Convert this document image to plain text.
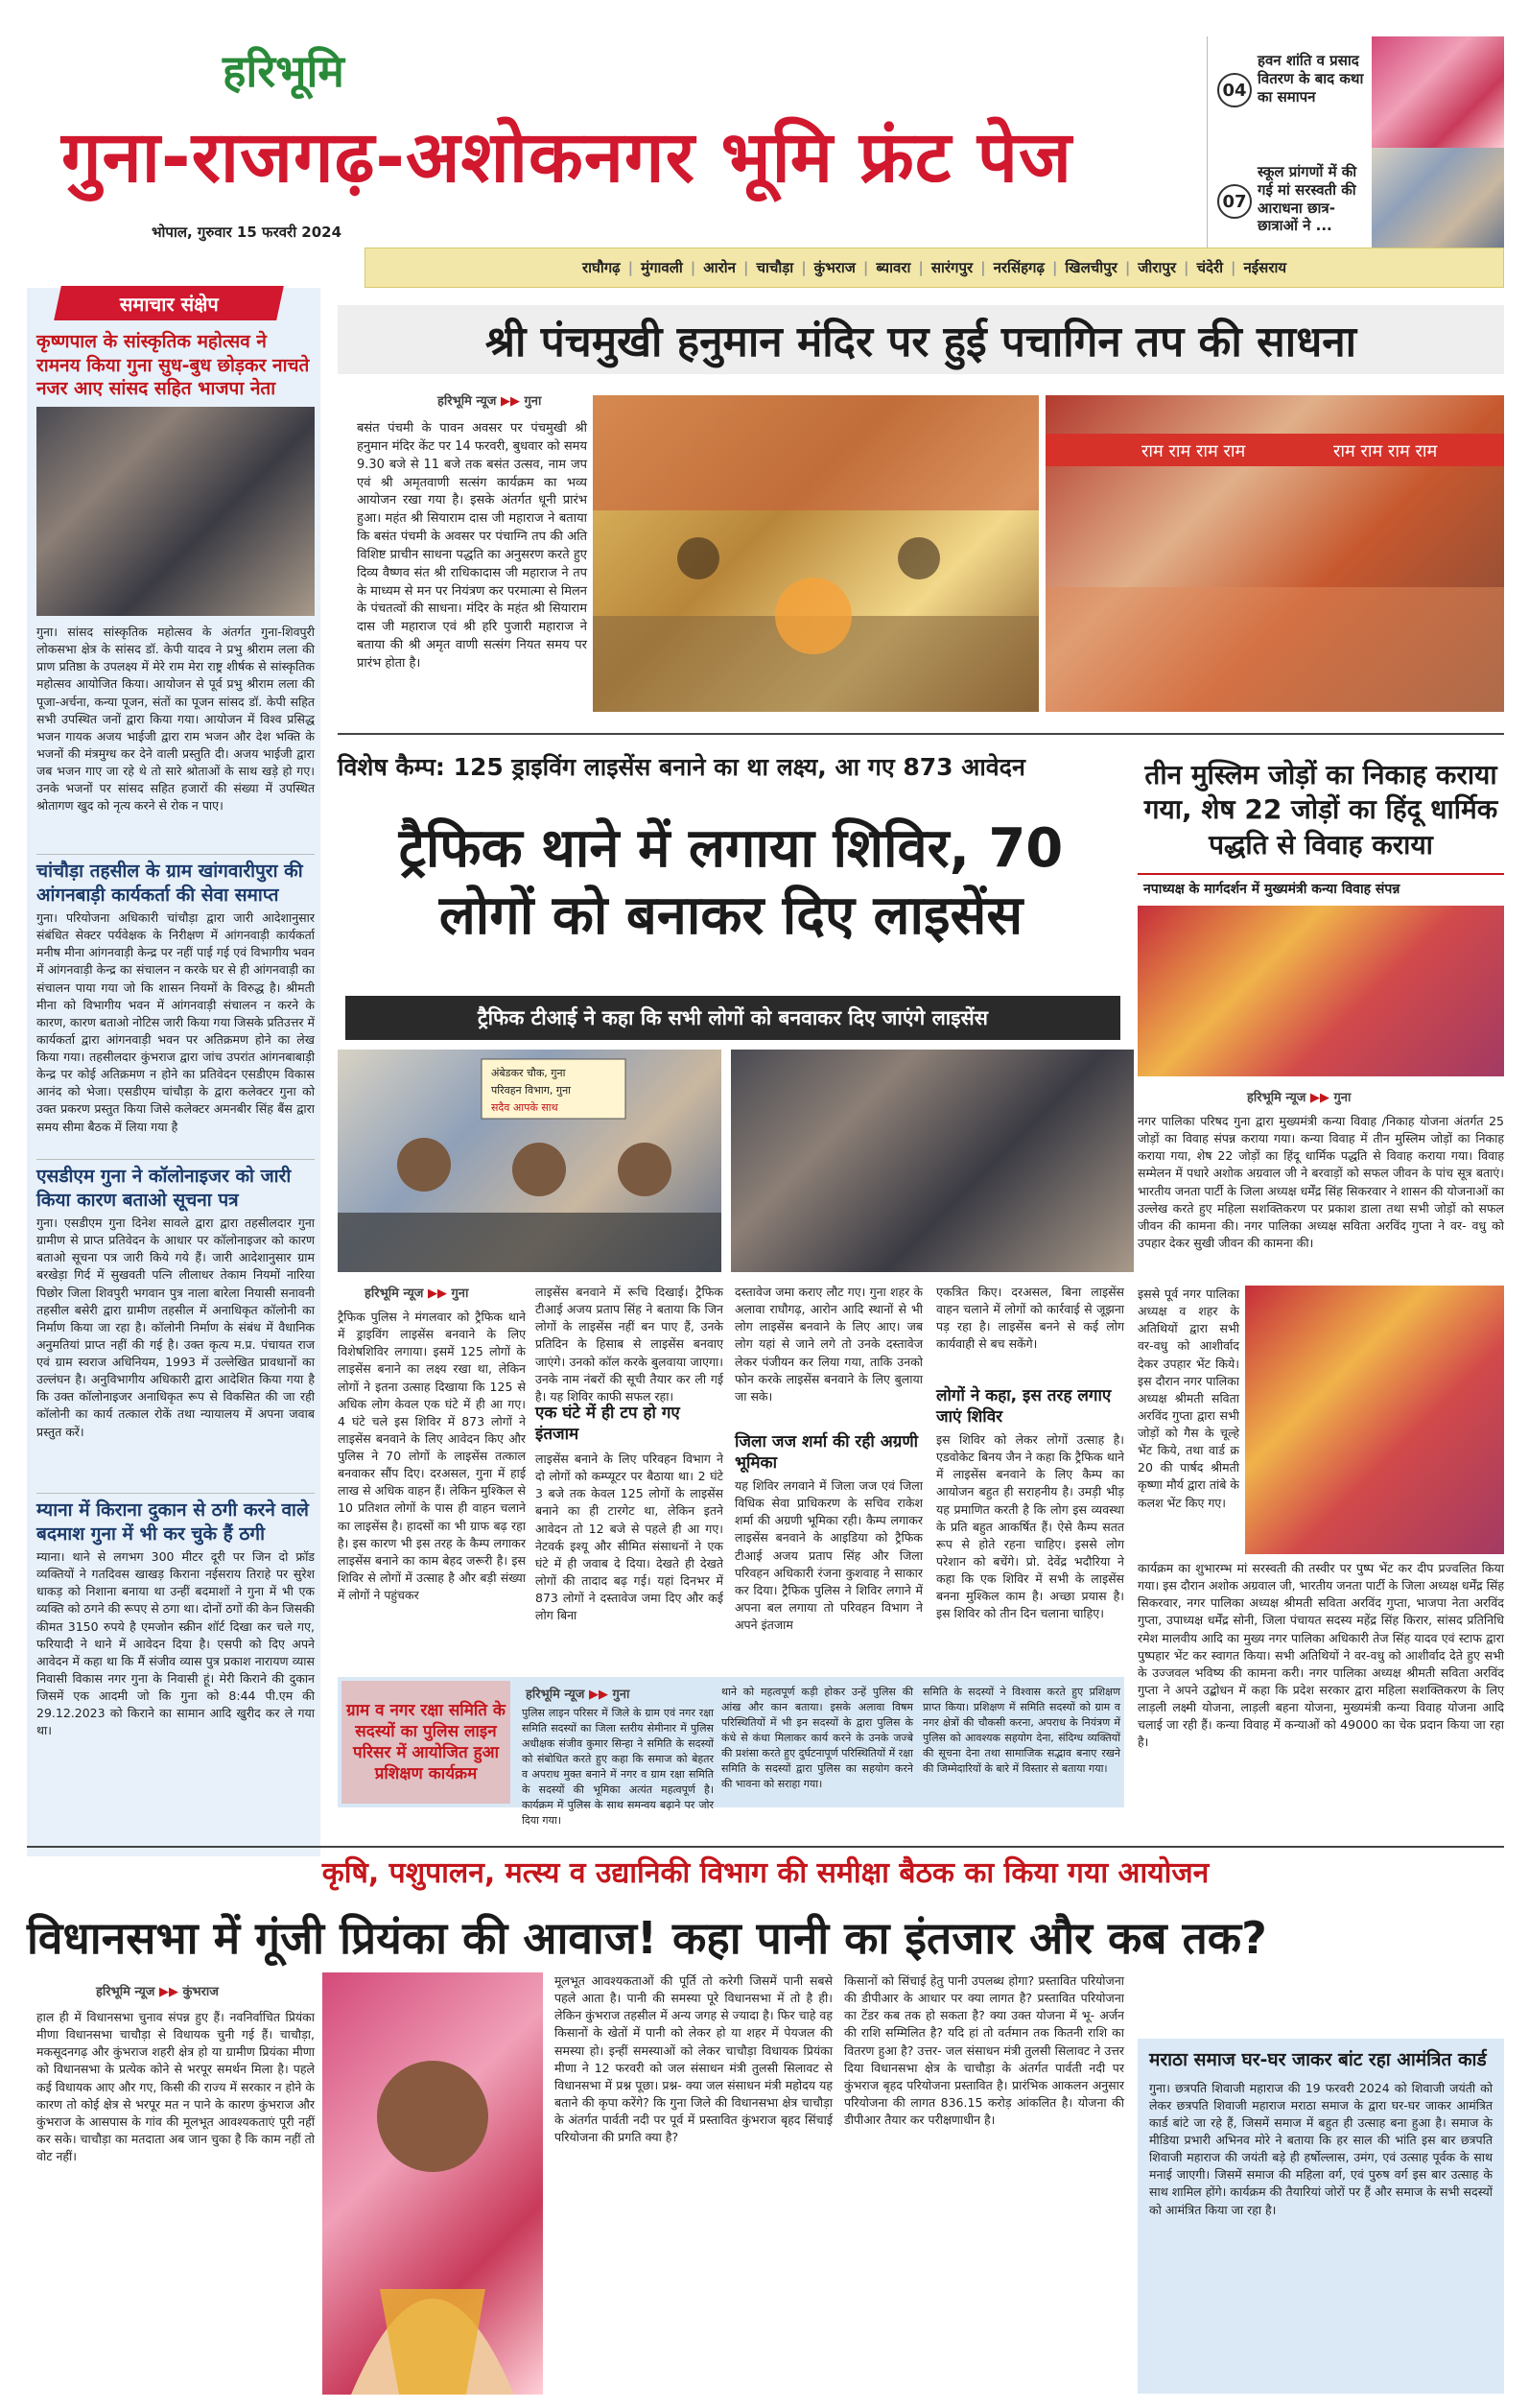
हरिभूमि
गुना-राजगढ़-अशोकनगर भूमि फ्रंट पेज
भोपाल, गुरुवार 15 फरवरी 2024
04
हवन शांति व प्रसाद वितरण के बाद कथा का समापन
07
स्कूल प्रांगणों में की गई मां सरस्वती की आराधना छात्र-छात्राओं ने ...
राघौगढ़ | मुंगावली | आरोन | चाचौड़ा | कुंभराज | ब्यावरा | सारंगपुर | नरसिंहगढ़ | खिलचीपुर | जीरापुर | चंदेरी | नईसराय
समाचार संक्षेप
कृष्णपाल के सांस्कृतिक महोत्सव ने रामनय किया गुना सुध-बुध छोड़कर नाचते नजर आए सांसद सहित भाजपा नेता
गुना। सांसद सांस्कृतिक महोत्सव के अंतर्गत गुना-शिवपुरी लोकसभा क्षेत्र के सांसद डॉ. केपी यादव ने प्रभु श्रीराम लला की प्राण प्रतिष्ठा के उपलक्ष्य में मेरे राम मेरा राष्ट्र शीर्षक से सांस्कृतिक महोत्सव आयोजित किया। आयोजन से पूर्व प्रभु श्रीराम लला की पूजा-अर्चना, कन्या पूजन, संतों का पूजन सांसद डॉ. केपी सहित सभी उपस्थित जनों द्वारा किया गया। आयोजन में विश्व प्रसिद्ध भजन गायक अजय भाईजी द्वारा राम भजन और देश भक्ति के भजनों की मंत्रमुग्ध कर देने वाली प्रस्तुति दी। अजय भाईजी द्वारा जब भजन गाए जा रहे थे तो सारे श्रोताओं के साथ खड़े हो गए। उनके भजनों पर सांसद सहित हजारों की संख्या में उपस्थित श्रोतागण खुद को नृत्य करने से रोक न पाए।
चांचौड़ा तहसील के ग्राम खांगवारीपुरा की आंगनबाड़ी कार्यकर्ता की सेवा समाप्त
गुना। परियोजना अधिकारी चांचौड़ा द्वारा जारी आदेशानुसार संबंधित सेक्टर पर्यवेक्षक के निरीक्षण में आंगनवाड़ी कार्यकर्ता मनीष मीना आंगनवाड़ी केन्द्र पर नहीं पाई गई एवं विभागीय भवन में आंगनवाड़ी केन्द्र का संचालन न करके घर से ही आंगनवाड़ी का संचालन पाया गया जो कि शासन नियमों के विरुद्ध है। श्रीमती मीना को विभागीय भवन में आंगनवाड़ी संचालन न करने के कारण, कारण बताओ नोटिस जारी किया गया जिसके प्रतिउत्तर में कार्यकर्ता द्वारा आंगनवाड़ी भवन पर अतिक्रमण होने का लेख किया गया। तहसीलदार कुंभराज द्वारा जांच उपरांत आंगनबाबाड़ी केन्द्र पर कोई अतिक्रमण न होने का प्रतिवेदन एसडीएम विकास आनंद को भेजा। एसडीएम चांचौड़ा के द्वारा कलेक्टर गुना को उक्त प्रकरण प्रस्तुत किया जिसे कलेक्टर अमनबीर सिंह बैंस द्वारा समय सीमा बैठक में लिया गया है
एसडीएम गुना ने कॉलोनाइजर को जारी किया कारण बताओ सूचना पत्र
गुना। एसडीएम गुना दिनेश सावले द्वारा द्वारा तहसीलदार गुना ग्रामीण से प्राप्त प्रतिवेदन के आधार पर कॉलोनाइजर को कारण बताओ सूचना पत्र जारी किये गये हैं। जारी आदेशानुसार ग्राम बरखेड़ा गिर्द में सुखवती पत्नि लीलाधर तेकाम नियमों नारिया पिछोर जिला शिवपुरी भगवान पुत्र नाला बारेला नियासी सनावनी तहसील बसेरी द्वारा ग्रामीण तहसील में अनाधिकृत कॉलोनी का निर्माण किया जा रहा है। कॉलोनी निर्माण के संबंध में वैधानिक अनुमतियां प्राप्त नहीं की गई है। उक्त कृत्य म.प्र. पंचायत राज एवं ग्राम स्वराज अधिनियम, 1993 में उल्लेखित प्रावधानों का उल्लंघन है। अनुविभागीय अधिकारी द्वारा आदेशित किया गया है कि उक्त कॉलोनाइजर अनाधिकृत रूप से विकसित की जा रही कॉलोनी का कार्य तत्काल रोकें तथा न्यायालय में अपना जवाब प्रस्तुत करें।
म्याना में किराना दुकान से ठगी करने वाले बदमाश गुना में भी कर चुके हैं ठगी
म्याना। थाने से लगभग 300 मीटर दूरी पर जिन दो फ्रॉड व्यक्तियों ने गतदिवस खाखड़ किराना नईसराय तिराहे पर सुरेश धाकड़ को निशाना बनाया था उन्हीं बदमाशों ने गुना में भी एक व्यक्ति को ठगने की रूपए से ठगा था। दोनों ठगों की केन जिसकी कीमत 3150 रुपये है एमजोन स्क्रीन शॉर्ट दिखा कर चले गए, फरियादी ने थाने में आवेदन दिया है। एसपी को दिए अपने आवेदन में कहा था कि मैं संजीव व्यास पुत्र प्रकाश नारायण व्यास निवासी विकास नगर गुना के निवासी हूं। मेरी किराने की दुकान जिसमें एक आदमी जो कि गुना को 8:44 पी.एम की 29.12.2023 को किराने का सामान आदि खुरीद कर ले गया था।
श्री पंचमुखी हनुमान मंदिर पर हुई पचागिन तप की साधना
हरिभूमि न्यूज ▶▶ गुना
बसंत पंचमी के पावन अवसर पर पंचमुखी श्री हनुमान मंदिर केंट पर 14 फरवरी, बुधवार को समय 9.30 बजे से 11 बजे तक बसंत उत्सव, नाम जप एवं श्री अमृतवाणी सत्संग कार्यक्रम का भव्य आयोजन रखा गया है। इसके अंतर्गत धूनी प्रारंभ हुआ। महंत श्री सियाराम दास जी महाराज ने बताया कि बसंत पंचमी के अवसर पर पंचाग्नि तप की अति विशिष्ट प्राचीन साधना पद्धति का अनुसरण करते हुए दिव्य वैष्णव संत श्री राधिकादास जी महाराज ने तप के माध्यम से मन पर नियंत्रण कर परमात्मा से मिलन के पंचतत्वों की साधना। मंदिर के महंत श्री सियाराम दास जी महाराज एवं श्री हरि पुजारी महाराज ने बताया की श्री अमृत वाणी सत्संग नियत समय पर प्रारंभ होता है।
राम राम राम राम	राम राम राम राम
विशेष कैम्प: 125 ड्राइविंग लाइसेंस बनाने का था लक्ष्य, आ गए 873 आवेदन
ट्रैफिक थाने में लगाया शिविर, 70
लोगों को बनाकर दिए लाइसेंस
ट्रैफिक टीआई ने कहा कि सभी लोगों को बनवाकर दिए जाएंगे लाइसेंस
अंबेडकर चौक, गुना
परिवहन विभाग, गुना
सदैव आपके साथ
हरिभूमि न्यूज ▶▶ गुना
ट्रैफिक पुलिस ने मंगलवार को ट्रैफिक थाने में ड्राइविंग लाइसेंस बनवाने के लिए विशेषशिविर लगाया। इसमें 125 लोगों के लाइसेंस बनाने का लक्ष्य रखा था, लेकिन लोगों ने इतना उत्साह दिखाया कि 125 से अधिक लोग केवल एक घंटे में ही आ गए। 4 घंटे चले इस शिविर में 873 लोगों ने लाइसेंस बनवाने के लिए आवेदन किए और पुलिस ने 70 लोगों के लाइसेंस तत्काल बनवाकर सौंप दिए। दरअसल, गुना में हाई लाख से अधिक वाहन हैं। लेकिन मुश्किल से 10 प्रतिशत लोगों के पास ही वाहन चलाने का लाइसेंस है। हादसों का भी ग्राफ बढ़ रहा है। इस कारण भी इस तरह के कैम्प लगाकर लाइसेंस बनाने का काम बेहद जरूरी है। इस शिविर से लोगों में उत्साह है और बड़ी संख्या में लोगों ने पहुंचकर
लाइसेंस बनवाने में रूचि दिखाई। ट्रैफिक टीआई अजय प्रताप सिंह ने बताया कि जिन लोगों के लाइसेंस नहीं बन पाए हैं, उनके प्रतिदिन के हिसाब से लाइसेंस बनवाए जाएंगे। उनको कॉल करके बुलवाया जाएगा। उनके नाम नंबरों की सूची तैयार कर ली गई है। यह शिविर काफी सफल रहा।
एक घंटे में ही टप हो गए इंतजाम
लाइसेंस बनाने के लिए परिवहन विभाग ने दो लोगों को कम्प्यूटर पर बैठाया था। 2 घंटे 3 बजे तक केवल 125 लोगों के लाइसेंस बनाने का ही टारगेट था, लेकिन इतने आवेदन तो 12 बजे से पहले ही आ गए। नेटवर्क इश्यू और सीमित संसाधनों ने एक घंटे में ही जवाब दे दिया। देखते ही देखते लोगों की तादाद बढ़ गई। यहां दिनभर में 873 लोगों ने दस्तावेज जमा दिए और कई लोग बिना
दस्तावेज जमा कराए लौट गए। गुना शहर के अलावा राघौगढ़, आरोन आदि स्थानों से भी लोग लाइसेंस बनवाने के लिए आए। जब लोग यहां से जाने लगे तो उनके दस्तावेज लेकर पंजीयन कर लिया गया, ताकि उनको फोन करके लाइसेंस बनवाने के लिए बुलाया जा सके।
जिला जज शर्मा की रही अग्रणी भूमिका
यह शिविर लगवाने में जिला जज एवं जिला विधिक सेवा प्राधिकरण के सचिव राकेश शर्मा की अग्रणी भूमिका रही। कैम्प लगाकर लाइसेंस बनवाने के आइडिया को ट्रैफिक टीआई अजय प्रताप सिंह और जिला परिवहन अधिकारी रंजना कुशवाह ने साकार कर दिया। ट्रैफिक पुलिस ने शिविर लगाने में अपना बल लगाया तो परिवहन विभाग ने अपने इंतजाम
एकत्रित किए। दरअसल, बिना लाइसेंस वाहन चलाने में लोगों को कार्रवाई से जूझना पड़ रहा है। लाइसेंस बनने से कई लोग कार्यवाही से बच सकेंगे।
लोगों ने कहा, इस तरह लगाए जाएं शिविर
इस शिविर को लेकर लोगों उत्साह है। एडवोकेट बिनय जैन ने कहा कि ट्रैफिक थाने में लाइसेंस बनवाने के लिए कैम्प का आयोजन बहुत ही सराहनीय है। उमड़ी भीड़ यह प्रमाणित करती है कि लोग इस व्यवस्था के प्रति बहुत आकर्षित हैं। ऐसे कैम्प सतत रूप से होते रहना चाहिए। इससे लोग परेशान को बचेंगे। प्रो. देवेंद्र भदौरिया ने कहा कि एक शिविर में सभी के लाइसेंस बनना मुश्किल काम है। अच्छा प्रयास है। इस शिविर को तीन दिन चलाना चाहिए।
तीन मुस्लिम जोड़ों का निकाह कराया गया, शेष 22 जोड़ों का हिंदू धार्मिक पद्धति से विवाह कराया
नपाध्यक्ष के मार्गदर्शन में मुख्यमंत्री कन्या विवाह संपन्न
हरिभूमि न्यूज ▶▶ गुना
नगर पालिका परिषद गुना द्वारा मुख्यमंत्री कन्या विवाह /निकाह योजना अंतर्गत 25 जोड़ों का विवाह संपन्न कराया गया। कन्या विवाह में तीन मुस्लिम जोड़ों का निकाह कराया गया, शेष 22 जोड़ों का हिंदू धार्मिक पद्धति से विवाह कराया गया। विवाह सम्मेलन में पधारे अशोक अग्रवाल जी ने बरवाड़ों को सफल जीवन के पांच सूत्र बताएं। भारतीय जनता पार्टी के जिला अध्यक्ष धर्मेंद्र सिंह सिकरवार ने शासन की योजनाओं का उल्लेख करते हुए महिला सशक्तिकरण पर प्रकाश डाला तथा सभी जोड़ों को सफल जीवन की कामना की। नगर पालिका अध्यक्ष सविता अरविंद गुप्ता ने वर- वधु को उपहार देकर सुखी जीवन की कामना की।
इससे पूर्व नगर पालिका अध्यक्ष व शहर के अतिथियों द्वारा सभी वर-वधु को आशीर्वाद देकर उपहार भेंट किये। इस दौरान नगर पालिका अध्यक्ष श्रीमती सविता अरविंद गुप्ता द्वारा सभी जोड़ों को गैस के चूल्हे भेंट किये, तथा वार्ड क्र 20 की पार्षद श्रीमती कृष्णा मौर्य द्वारा तांबे के कलश भेंट किए गए।
कार्यक्रम का शुभारम्भ मां सरस्वती की तस्वीर पर पुष्प भेंट कर दीप प्रज्वलित किया गया। इस दौरान अशोक अग्रवाल जी, भारतीय जनता पार्टी के जिला अध्यक्ष धर्मेंद्र सिंह सिकरवार, नगर पालिका अध्यक्ष श्रीमती सविता अरविंद गुप्ता, भाजपा नेता अरविंद गुप्ता, उपाध्यक्ष धर्मेंद्र सोनी, जिला पंचायत सदस्य महेंद्र सिंह किरार, सांसद प्रतिनिधि रमेश मालवीय आदि का मुख्य नगर पालिका अधिकारी तेज सिंह यादव एवं स्टाफ द्वारा पुष्पहार भेंट कर स्वागत किया। सभी अतिथियों ने वर-वधु को आशीर्वाद देते हुए सभी के उज्जवल भविष्य की कामना करी। नगर पालिका अध्यक्ष श्रीमती सविता अरविंद गुप्ता ने अपने उद्बोधन में कहा कि प्रदेश सरकार द्वारा महिला सशक्तिकरण के लिए लाड़ली लक्ष्मी योजना, लाड़ली बहना योजना, मुख्यमंत्री कन्या विवाह योजना आदि चलाई जा रही हैं। कन्या विवाह में कन्याओं को 49000 का चेक प्रदान किया जा रहा है।
ग्राम व नगर रक्षा समिति के सदस्यों का पुलिस लाइन परिसर में आयोजित हुआ प्रशिक्षण कार्यक्रम
हरिभूमि न्यूज ▶▶ गुना
पुलिस लाइन परिसर में जिले के ग्राम एवं नगर रक्षा समिति सदस्यों का जिला स्तरीय सेमीनार में पुलिस अधीक्षक संजीव कुमार सिन्हा ने समिति के सदस्यों को संबोधित करते हुए कहा कि समाज को बेहतर व अपराध मुक्त बनाने में नगर व ग्राम रक्षा समिति के सदस्यों की भूमिका अत्यंत महत्वपूर्ण है। कार्यक्रम में पुलिस के साथ समन्वय बढ़ाने पर जोर दिया गया।
थाने को महत्वपूर्ण कड़ी होकर उन्हें पुलिस की आंख और कान बताया। इसके अलावा विषम परिस्थितियों में भी इन सदस्यों के द्वारा पुलिस के कंधे से कंधा मिलाकर कार्य करने के उनके जज्बे की प्रशंसा करते हुए दुर्घटनापूर्ण परिस्थितियों में रक्षा समिति के सदस्यों द्वारा पुलिस का सहयोग करने की भावना को सराहा गया।
समिति के सदस्यों ने विश्वास करते हुए प्रशिक्षण प्राप्त किया। प्रशिक्षण में समिति सदस्यों को ग्राम व नगर क्षेत्रों की चौकसी करना, अपराध के नियंत्रण में पुलिस को आवश्यक सहयोग देना, संदिग्ध व्यक्तियों की सूचना देना तथा सामाजिक सद्भाव बनाए रखने की जिम्मेदारियों के बारे में विस्तार से बताया गया।
कृषि, पशुपालन, मत्स्य व उद्यानिकी विभाग की समीक्षा बैठक का किया गया आयोजन
विधानसभा में गूंजी प्रियंका की आवाज! कहा पानी का इंतजार और कब तक?
हरिभूमि न्यूज ▶▶ कुंभराज
हाल ही में विधानसभा चुनाव संपन्न हुए हैं। नवनिर्वाचित प्रियंका मीणा विधानसभा चाचौड़ा से विधायक चुनी गई हैं। चाचौड़ा, मकसूदनगढ़ और कुंभराज शहरी क्षेत्र हो या ग्रामीण प्रियंका मीणा को विधानसभा के प्रत्येक कोने से भरपूर समर्थन मिला है। पहले कई विधायक आए और गए, किसी की राज्य में सरकार न होने के कारण तो कोई क्षेत्र से भरपूर मत न पाने के कारण कुंभराज और कुंभराज के आसपास के गांव की मूलभूत आवश्यकताएं पूरी नहीं कर सके। चाचौड़ा का मतदाता अब जान चुका है कि काम नहीं तो वोट नहीं।
मूलभूत आवश्यकताओं की पूर्ति तो करेगी जिसमें पानी सबसे पहले आता है। पानी की समस्या पूरे विधानसभा में तो है ही। लेकिन कुंभराज तहसील में अन्य जगह से ज्यादा है। फिर चाहे वह किसानों के खेतों में पानी को लेकर हो या शहर में पेयजल की समस्या हो। इन्हीं समस्याओं को लेकर चाचौड़ा विधायक प्रियंका मीणा ने 12 फरवरी को जल संसाधन मंत्री तुलसी सिलावट से विधानसभा में प्रश्न पूछा। प्रश्न- क्या जल संसाधन मंत्री महोदय यह बताने की कृपा करेंगे? कि गुना जिले की विधानसभा क्षेत्र चाचौड़ा के अंतर्गत पार्वती नदी पर पूर्व में प्रस्तावित कुंभराज बृहद सिंचाई परियोजना की प्रगति क्या है?
किसानों को सिंचाई हेतु पानी उपलब्ध होगा? प्रस्तावित परियोजना की डीपीआर के आधार पर क्या लागत है? प्रस्तावित परियोजना का टेंडर कब तक हो सकता है? क्या उक्त योजना में भू- अर्जन की राशि सम्मिलित है? यदि हां तो वर्तमान तक कितनी राशि का वितरण हुआ है? उत्तर- जल संसाधन मंत्री तुलसी सिलावट ने उत्तर दिया विधानसभा क्षेत्र के चाचौड़ा के अंतर्गत पार्वती नदी पर कुंभराज बृहद परियोजना प्रस्तावित है। प्रारंभिक आकलन अनुसार परियोजना की लागत 836.15 करोड़ आंकलित है। योजना की डीपीआर तैयार कर परीक्षणाधीन है।
मराठा समाज घर-घर जाकर बांट रहा आमंत्रित कार्ड
गुना। छत्रपति शिवाजी महाराज की 19 फरवरी 2024 को शिवाजी जयंती को लेकर छत्रपति शिवाजी महाराज मराठा समाज के द्वारा घर-घर जाकर आमंत्रित कार्ड बांटे जा रहे हैं, जिसमें समाज में बहुत ही उत्साह बना हुआ है। समाज के मीडिया प्रभारी अभिनव मोरे ने बताया कि हर साल की भांति इस बार छत्रपति शिवाजी महाराज की जयंती बड़े ही हर्षोल्लास, उमंग, एवं उत्साह पूर्वक के साथ मनाई जाएगी। जिसमें समाज की महिला वर्ग, एवं पुरुष वर्ग इस बार उत्साह के साथ शामिल होंगे। कार्यक्रम की तैयारियां जोरों पर हैं और समाज के सभी सदस्यों को आमंत्रित किया जा रहा है।
